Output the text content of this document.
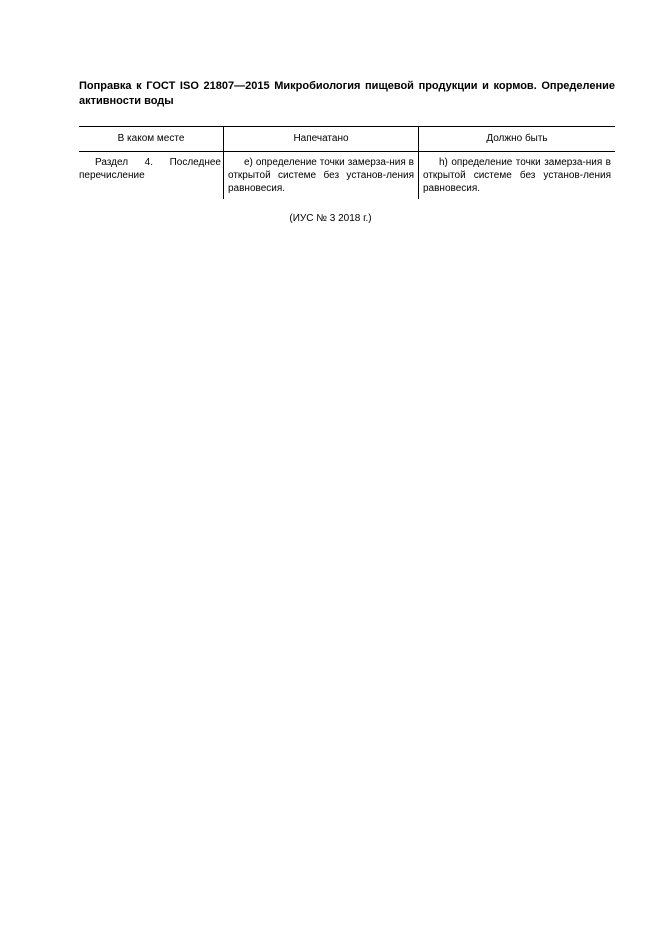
Поправка к ГОСТ ISO 21807—2015 Микробиология пищевой продукции и кормов. Определение активности воды
В каком месте	Напечатано	Должно быть
Раздел 4. Последнее перечисление
е) определение точки замерза-ния в открытой системе без установ-ления равновесия.
h) определение точки замерза-ния в открытой системе без установ-ления равновесия.
(ИУС № 3 2018 г.)
